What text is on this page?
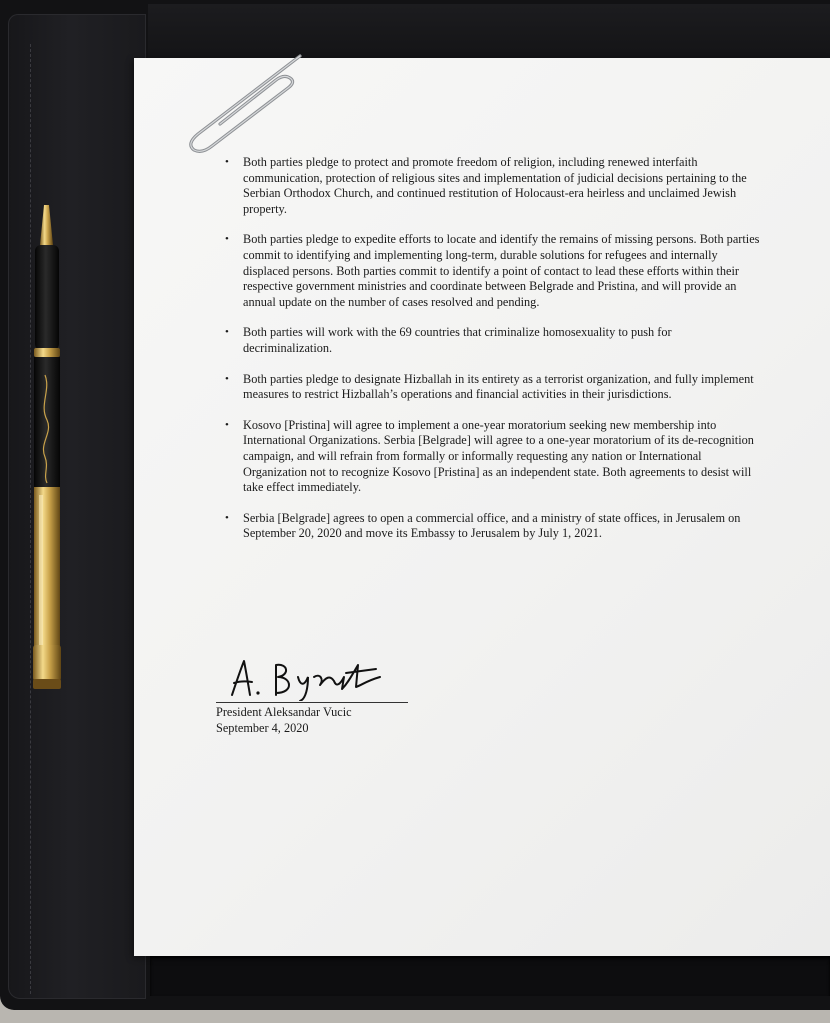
• Both parties pledge to protect and promote freedom of religion, including renewed interfaith communication, protection of religious sites and implementation of judicial decisions pertaining to the Serbian Orthodox Church, and continued restitution of Holocaust-era heirless and unclaimed Jewish property.
• Both parties pledge to expedite efforts to locate and identify the remains of missing persons. Both parties commit to identifying and implementing long-term, durable solutions for refugees and internally displaced persons. Both parties commit to identify a point of contact to lead these efforts within their respective government ministries and coordinate between Belgrade and Pristina, and will provide an annual update on the number of cases resolved and pending.
• Both parties will work with the 69 countries that criminalize homosexuality to push for decriminalization.
• Both parties pledge to designate Hizballah in its entirety as a terrorist organization, and fully implement measures to restrict Hizballah’s operations and financial activities in their jurisdictions.
• Kosovo [Pristina] will agree to implement a one-year moratorium seeking new membership into International Organizations. Serbia [Belgrade] will agree to a one-year moratorium of its de-recognition campaign, and will refrain from formally or informally requesting any nation or International Organization not to recognize Kosovo [Pristina] as an independent state. Both agreements to desist will take effect immediately.
• Serbia [Belgrade] agrees to open a commercial office, and a ministry of state offices, in Jerusalem on September 20, 2020 and move its Embassy to Jerusalem by July 1, 2021.
President Aleksandar Vucic
September 4, 2020
